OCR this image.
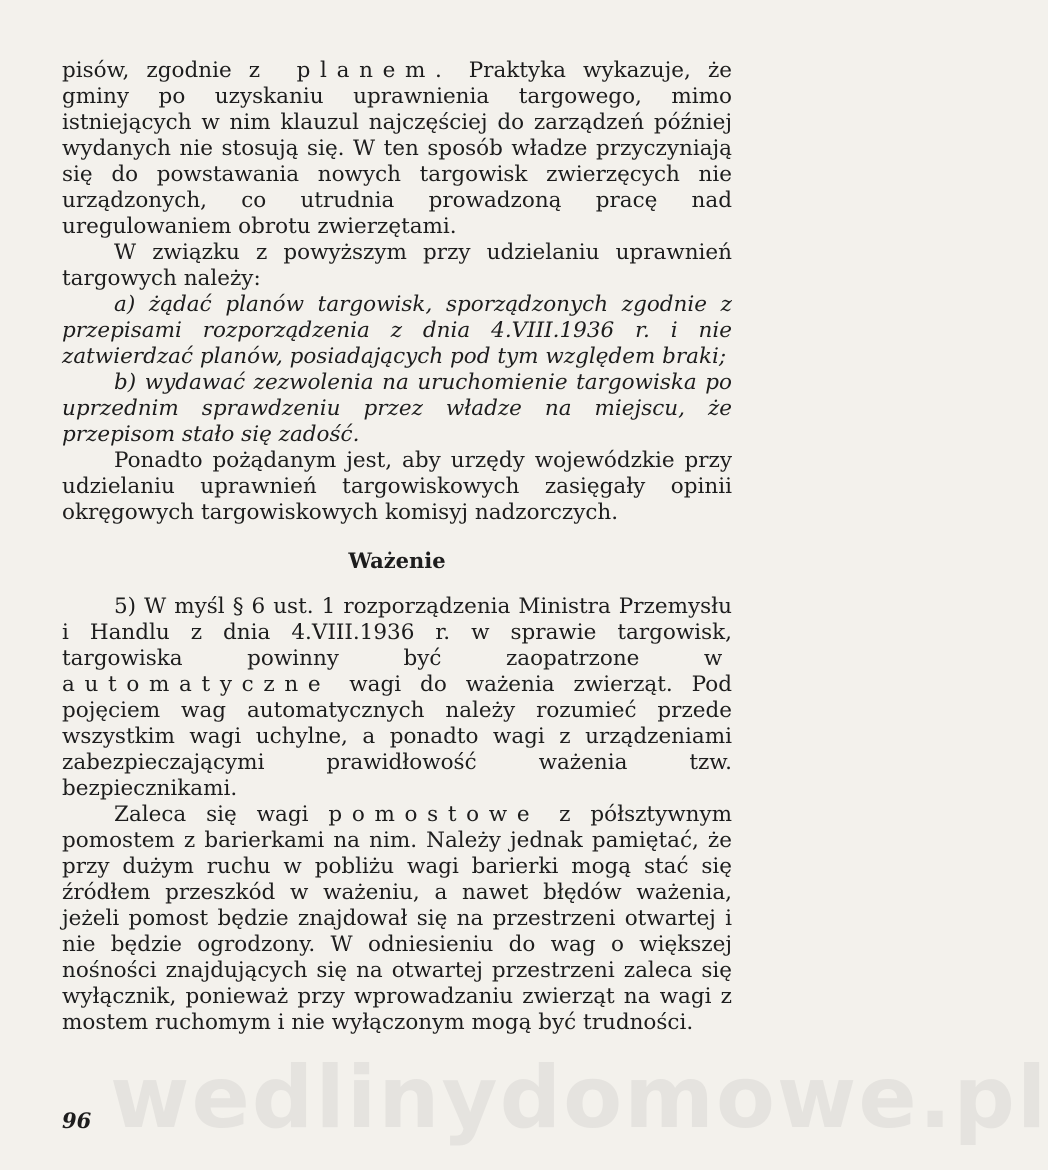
pisów, zgodnie z planem. Praktyka wykazuje, że gminy po uzyskaniu uprawnienia targowego, mimo istniejących w nim klauzul najczęściej do zarządzeń później wydanych nie stosują się. W ten sposób władze przyczyniają się do powstawania nowych targowisk zwierzęcych nie urządzonych, co utrudnia prowadzoną pracę nad uregulowaniem obrotu zwierzętami.

W związku z powyższym przy udzielaniu uprawnień targowych należy:

a) żądać planów targowisk, sporządzonych zgodnie z przepisami rozporządzenia z dnia 4.VIII.1936 r. i nie zatwierdzać planów, posiadających pod tym względem braki;

b) wydawać zezwolenia na uruchomienie targowiska po uprzednim sprawdzeniu przez władze na miejscu, że przepisom stało się zadość.

Ponadto pożądanym jest, aby urzędy wojewódzkie przy udzielaniu uprawnień targowiskowych zasięgały opinii okręgowych targowiskowych komisyj nadzorczych.

Ważenie

5) W myśl § 6 ust. 1 rozporządzenia Ministra Przemysłu i Handlu z dnia 4.VIII.1936 r. w sprawie targowisk, targowiska powinny być zaopatrzone w automatyczne wagi do ważenia zwierząt. Pod pojęciem wag automatycznych należy rozumieć przede wszystkim wagi uchylne, a ponadto wagi z urządzeniami zabezpieczającymi prawidłowość ważenia tzw. bezpiecznikami.

Zaleca się wagi pomostowe z półsztywnym pomostem z barierkami na nim. Należy jednak pamiętać, że przy dużym ruchu w pobliżu wagi barierki mogą stać się źródłem przeszkód w ważeniu, a nawet błędów ważenia, jeżeli pomost będzie znajdował się na przestrzeni otwartej i nie będzie ogrodzony. W odniesieniu do wag o większej nośności znajdujących się na otwartej przestrzeni zaleca się wyłącznik, ponieważ przy wprowadzaniu zwierząt na wagi z mostem ruchomym i nie wyłączonym mogą być trudności.

wedlinydomowe.pl
96
